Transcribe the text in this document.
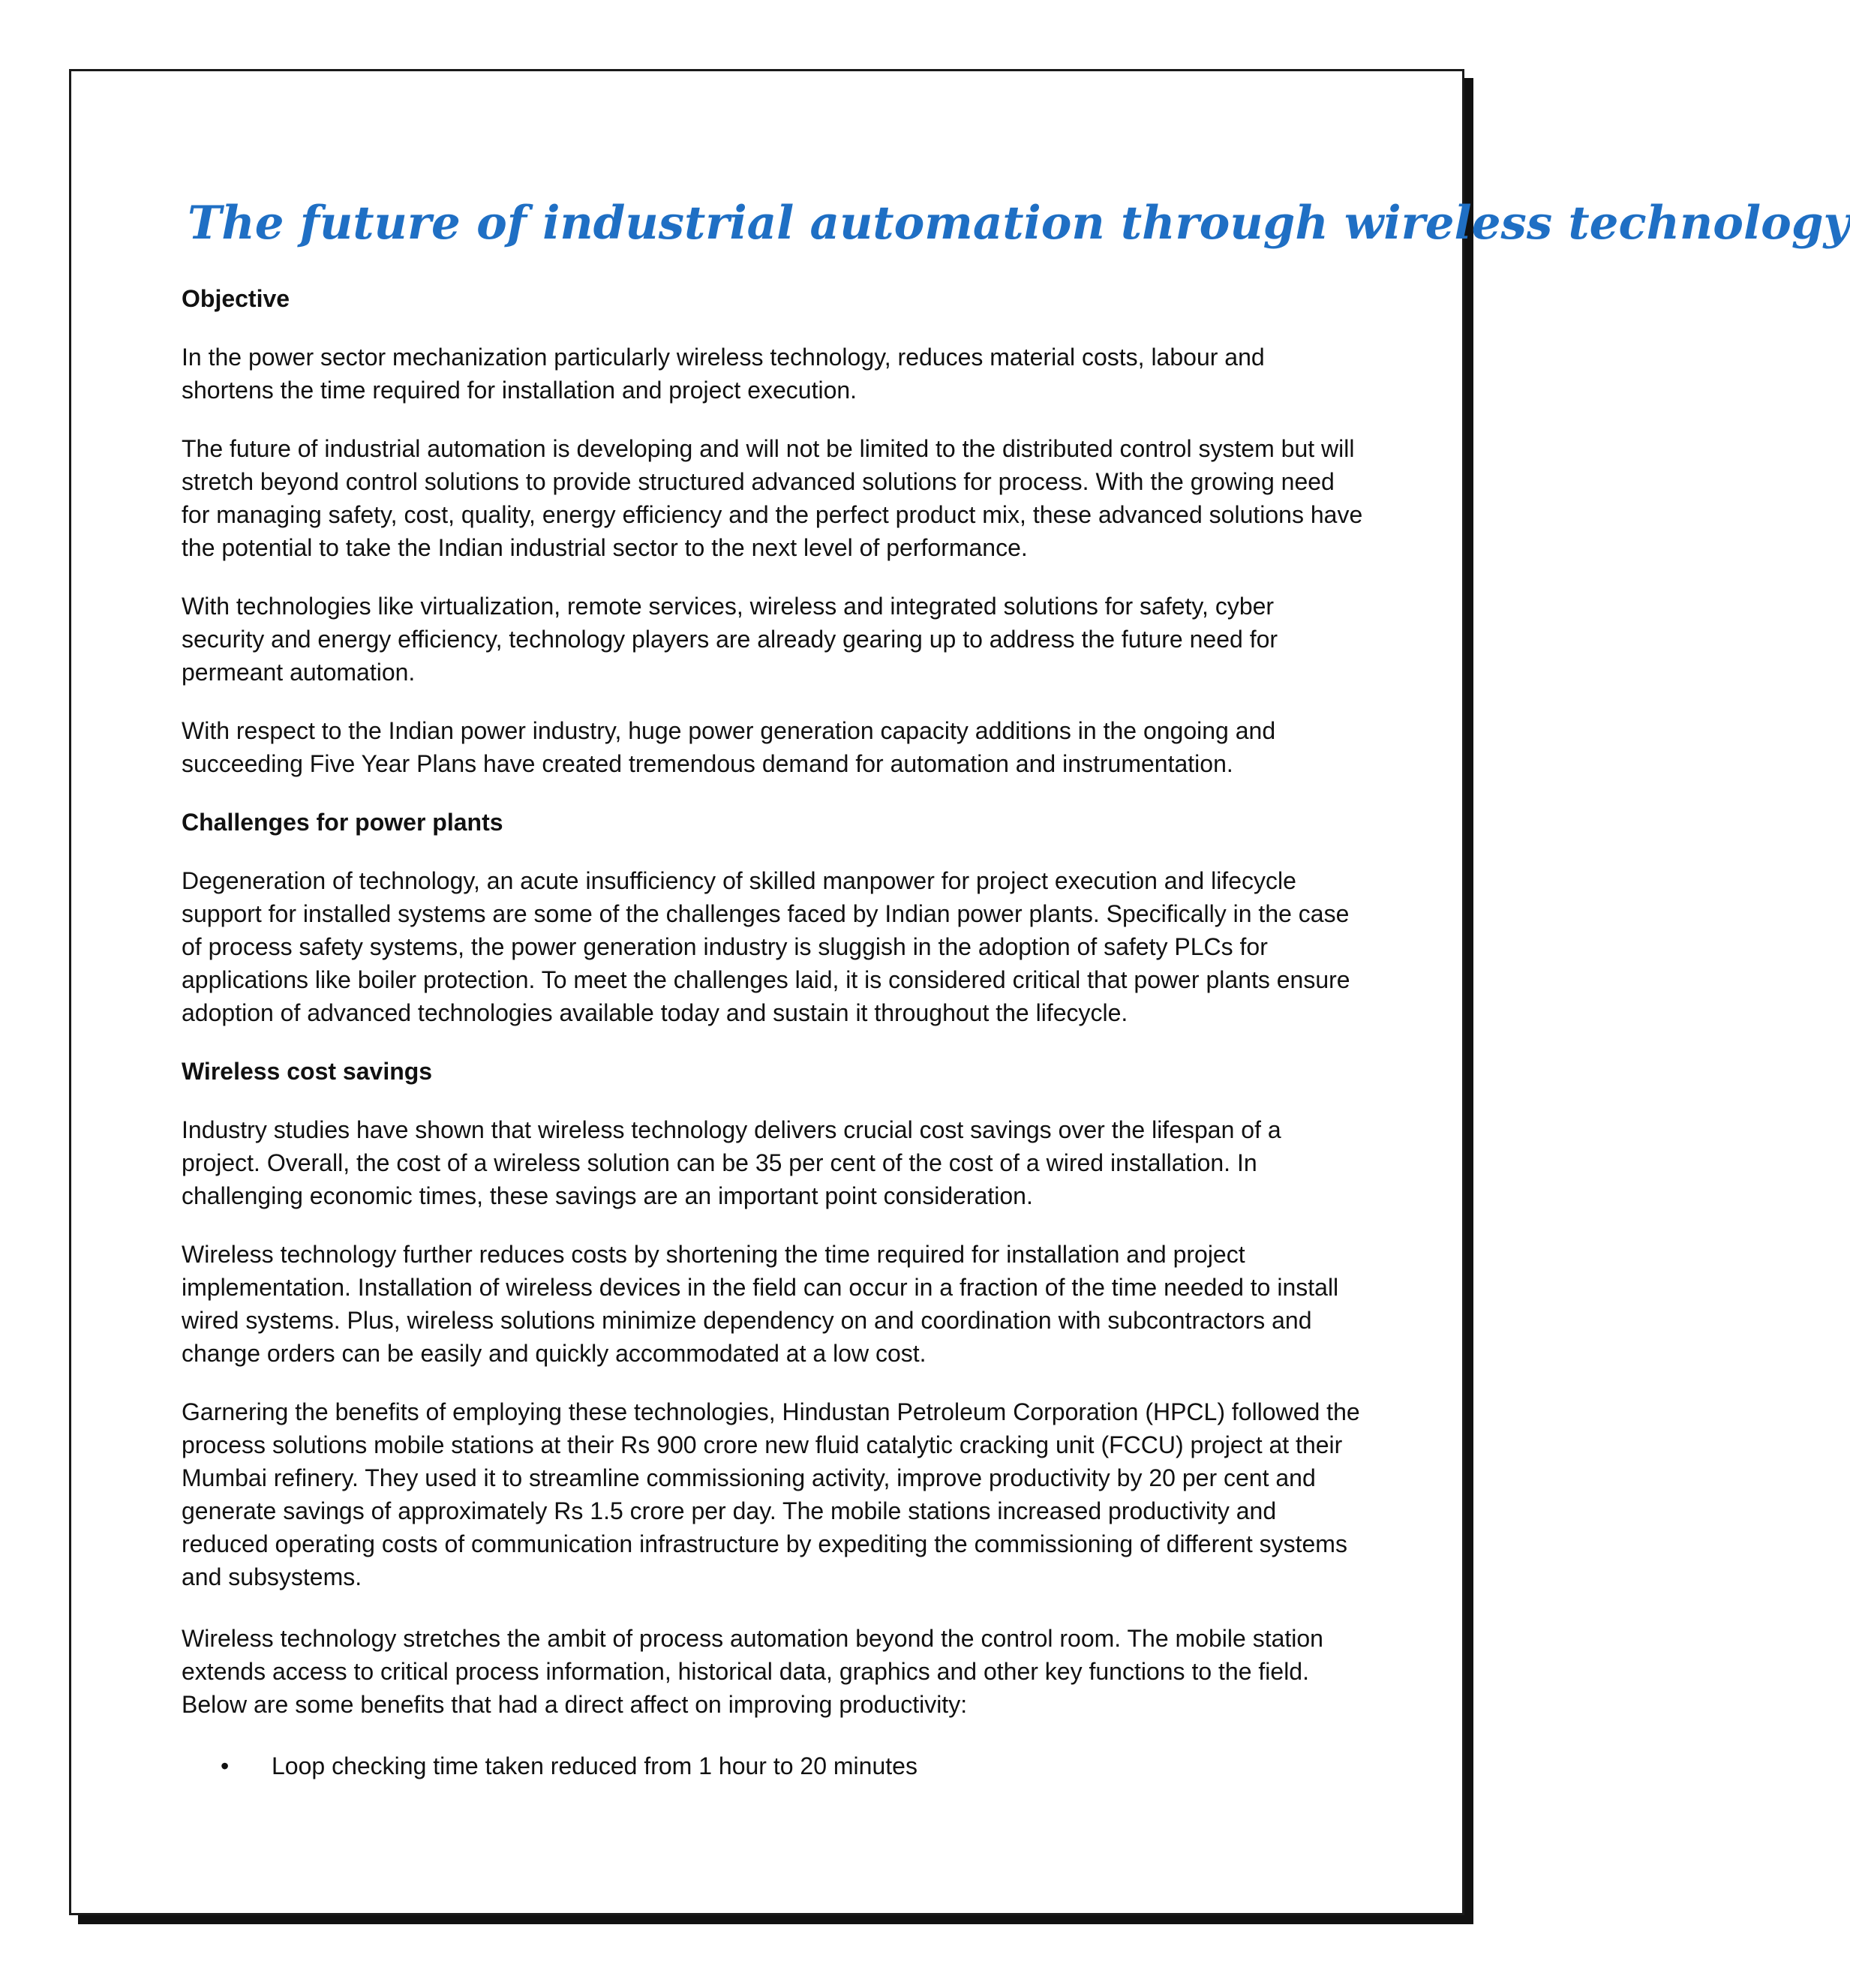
The future of industrial automation through wireless technology
Objective

In the power sector mechanization particularly wireless technology, reduces material costs, labour and shortens the time required for installation and project execution.

The future of industrial automation is developing and will not be limited to the distributed control system but will stretch beyond control solutions to provide structured advanced solutions for process. With the growing need for managing safety, cost, quality, energy efficiency and the perfect product mix, these advanced solutions have the potential to take the Indian industrial sector to the next level of performance.

With technologies like virtualization, remote services, wireless and integrated solutions for safety, cyber security and energy efficiency, technology players are already gearing up to address the future need for permeant automation.

With respect to the Indian power industry, huge power generation capacity additions in the ongoing and succeeding Five Year Plans have created tremendous demand for automation and instrumentation.

Challenges for power plants

Degeneration of technology, an acute insufficiency of skilled manpower for project execution and lifecycle support for installed systems are some of the challenges faced by Indian power plants. Specifically in the case of process safety systems, the power generation industry is sluggish in the adoption of safety PLCs for applications like boiler protection. To meet the challenges laid, it is considered critical that power plants ensure adoption of advanced technologies available today and sustain it throughout the lifecycle.

Wireless cost savings

Industry studies have shown that wireless technology delivers crucial cost savings over the lifespan of a project. Overall, the cost of a wireless solution can be 35 per cent of the cost of a wired installation. In challenging economic times, these savings are an important point consideration.

Wireless technology further reduces costs by shortening the time required for installation and project implementation. Installation of wireless devices in the field can occur in a fraction of the time needed to install wired systems. Plus, wireless solutions minimize dependency on and coordination with subcontractors and change orders can be easily and quickly accommodated at a low cost.

Garnering the benefits of employing these technologies, Hindustan Petroleum Corporation (HPCL) followed the process solutions mobile stations at their Rs 900 crore new fluid catalytic cracking unit (FCCU) project at their Mumbai refinery. They used it to streamline commissioning activity, improve productivity by 20 per cent and generate savings of approximately Rs 1.5 crore per day. The mobile stations increased productivity and reduced operating costs of communication infrastructure by expediting the commissioning of different systems and subsystems.

Wireless technology stretches the ambit of process automation beyond the control room. The mobile station extends access to critical process information, historical data, graphics and other key functions to the field. Below are some benefits that had a direct affect on improving productivity:

• Loop checking time taken reduced from 1 hour to 20 minutes
